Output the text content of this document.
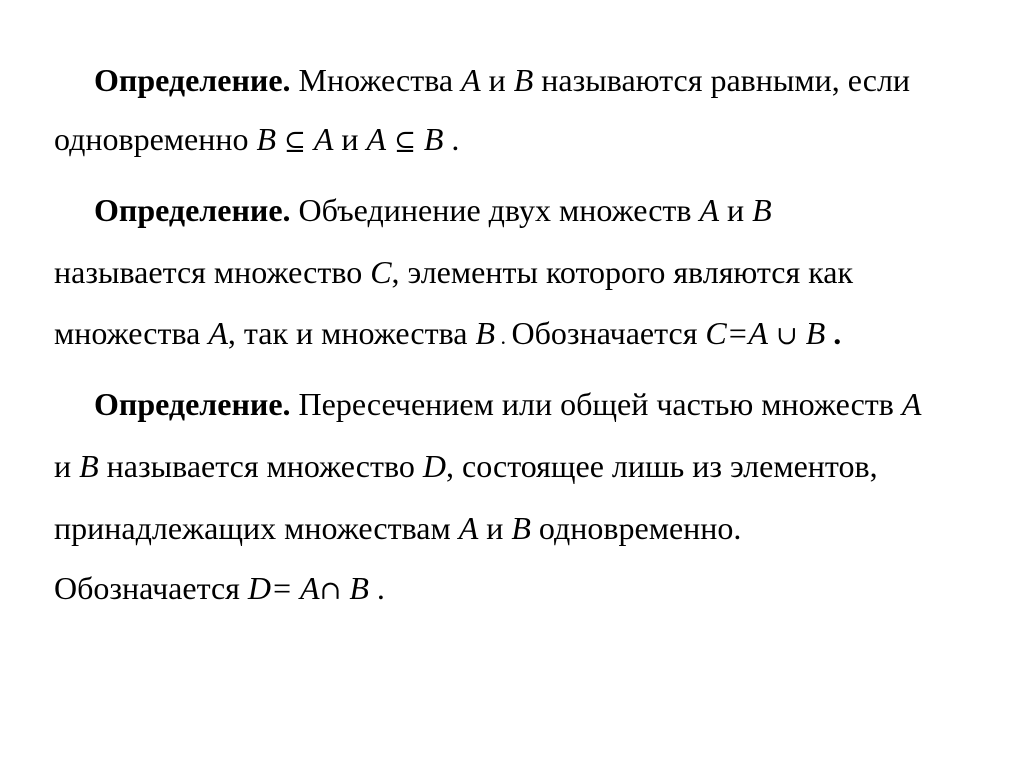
Определение. Множества A и B называются равными, если
одновременно B ⊆ A и A ⊆ B .
Определение. Объединение двух множеств A и B
называется множество C, элементы которого являются как
множества A, так и множества B . Обозначается C=A ∪ B .
Определение. Пересечением или общей частью множеств A
и B называется множество D, состоящее лишь из элементов,
принадлежащих множествам A и B одновременно.
Обозначается D= A∩ B .
